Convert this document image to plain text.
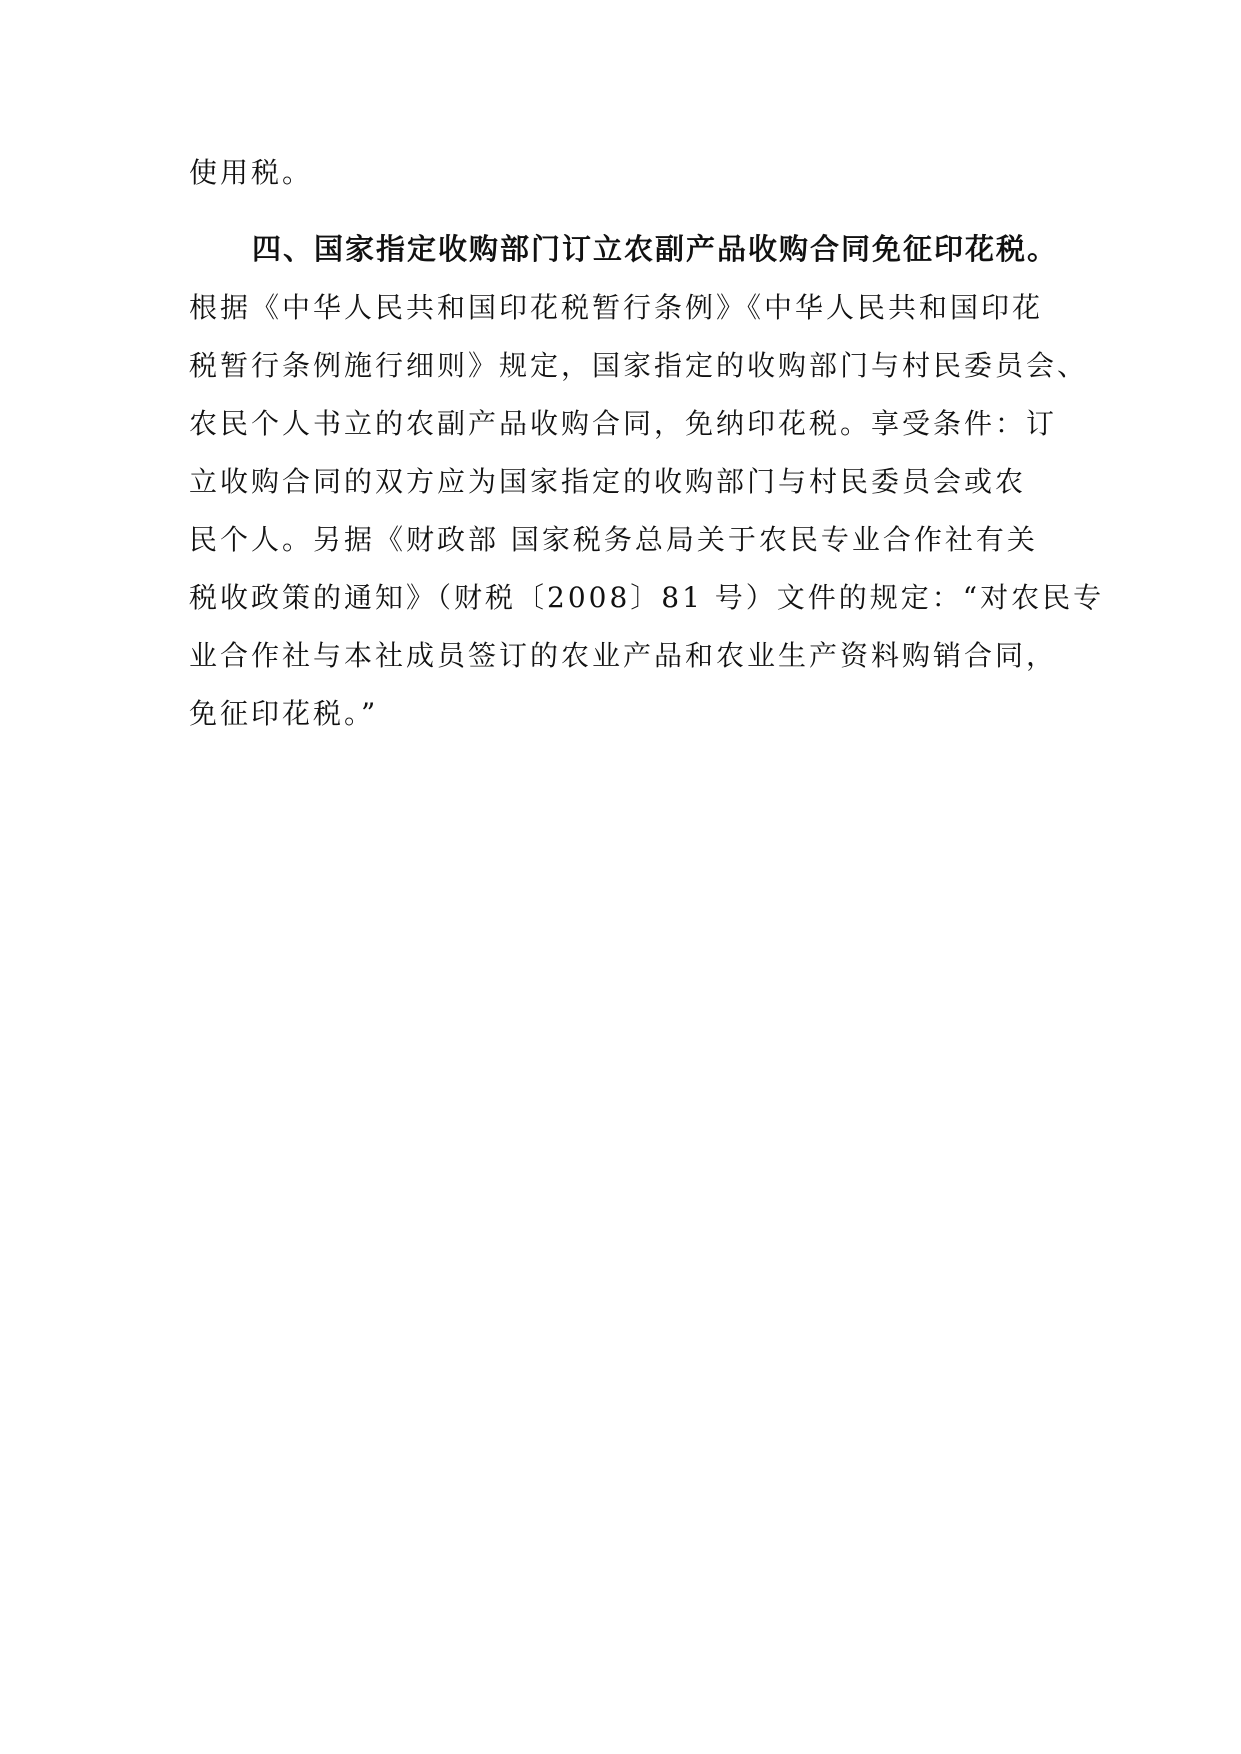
使用税。
四、国家指定收购部门订立农副产品收购合同免征印花税。
根据《中华人民共和国印花税暂行条例》《中华人民共和国印花
税暂行条例施行细则》规定，国家指定的收购部门与村民委员会、
农民个人书立的农副产品收购合同，免纳印花税。享受条件：订
立收购合同的双方应为国家指定的收购部门与村民委员会或农
民个人。另据《财政部 国家税务总局关于农民专业合作社有关
税收政策的通知》（财税〔2008〕81 号）文件的规定：“对农民专
业合作社与本社成员签订的农业产品和农业生产资料购销合同，
免征印花税。”
